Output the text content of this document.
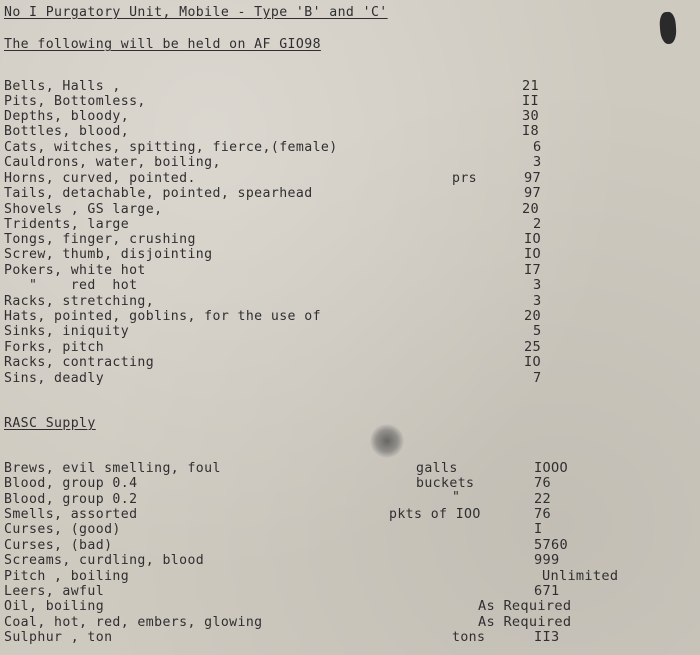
No I Purgatory Unit, Mobile - Type 'B' and 'C'
The following will be held on AF GIO98
Bells, Halls ,	21
Pits, Bottomless,	II
Depths, bloody,	30
Bottles, blood,	I8
Cats, witches, spitting, fierce,(female)	6
Cauldrons, water, boiling,	3
Horns, curved, pointed.	prs	97
Tails, detachable, pointed, spearhead	97
Shovels , GS large,	20
Tridents, large	2
Tongs, finger, crushing	IO
Screw, thumb, disjointing	IO
Pokers, white hot	I7
"    red  hot	3
Racks, stretching,	3
Hats, pointed, goblins, for the use of	20
Sinks, iniquity	5
Forks, pitch	25
Racks, contracting	IO
Sins, deadly	7
RASC Supply
Brews, evil smelling, foul	galls	IOOO
Blood, group 0.4	buckets	76
Blood, group 0.2	"	22
Smells, assorted	pkts of IOO	76
Curses, (good)	I
Curses, (bad)	5760
Screams, curdling, blood	999
Pitch , boiling	Unlimited
Leers, awful	671
Oil, boiling	As Required
Coal, hot, red, embers, glowing	As Required
Sulphur , ton	tons	II3
